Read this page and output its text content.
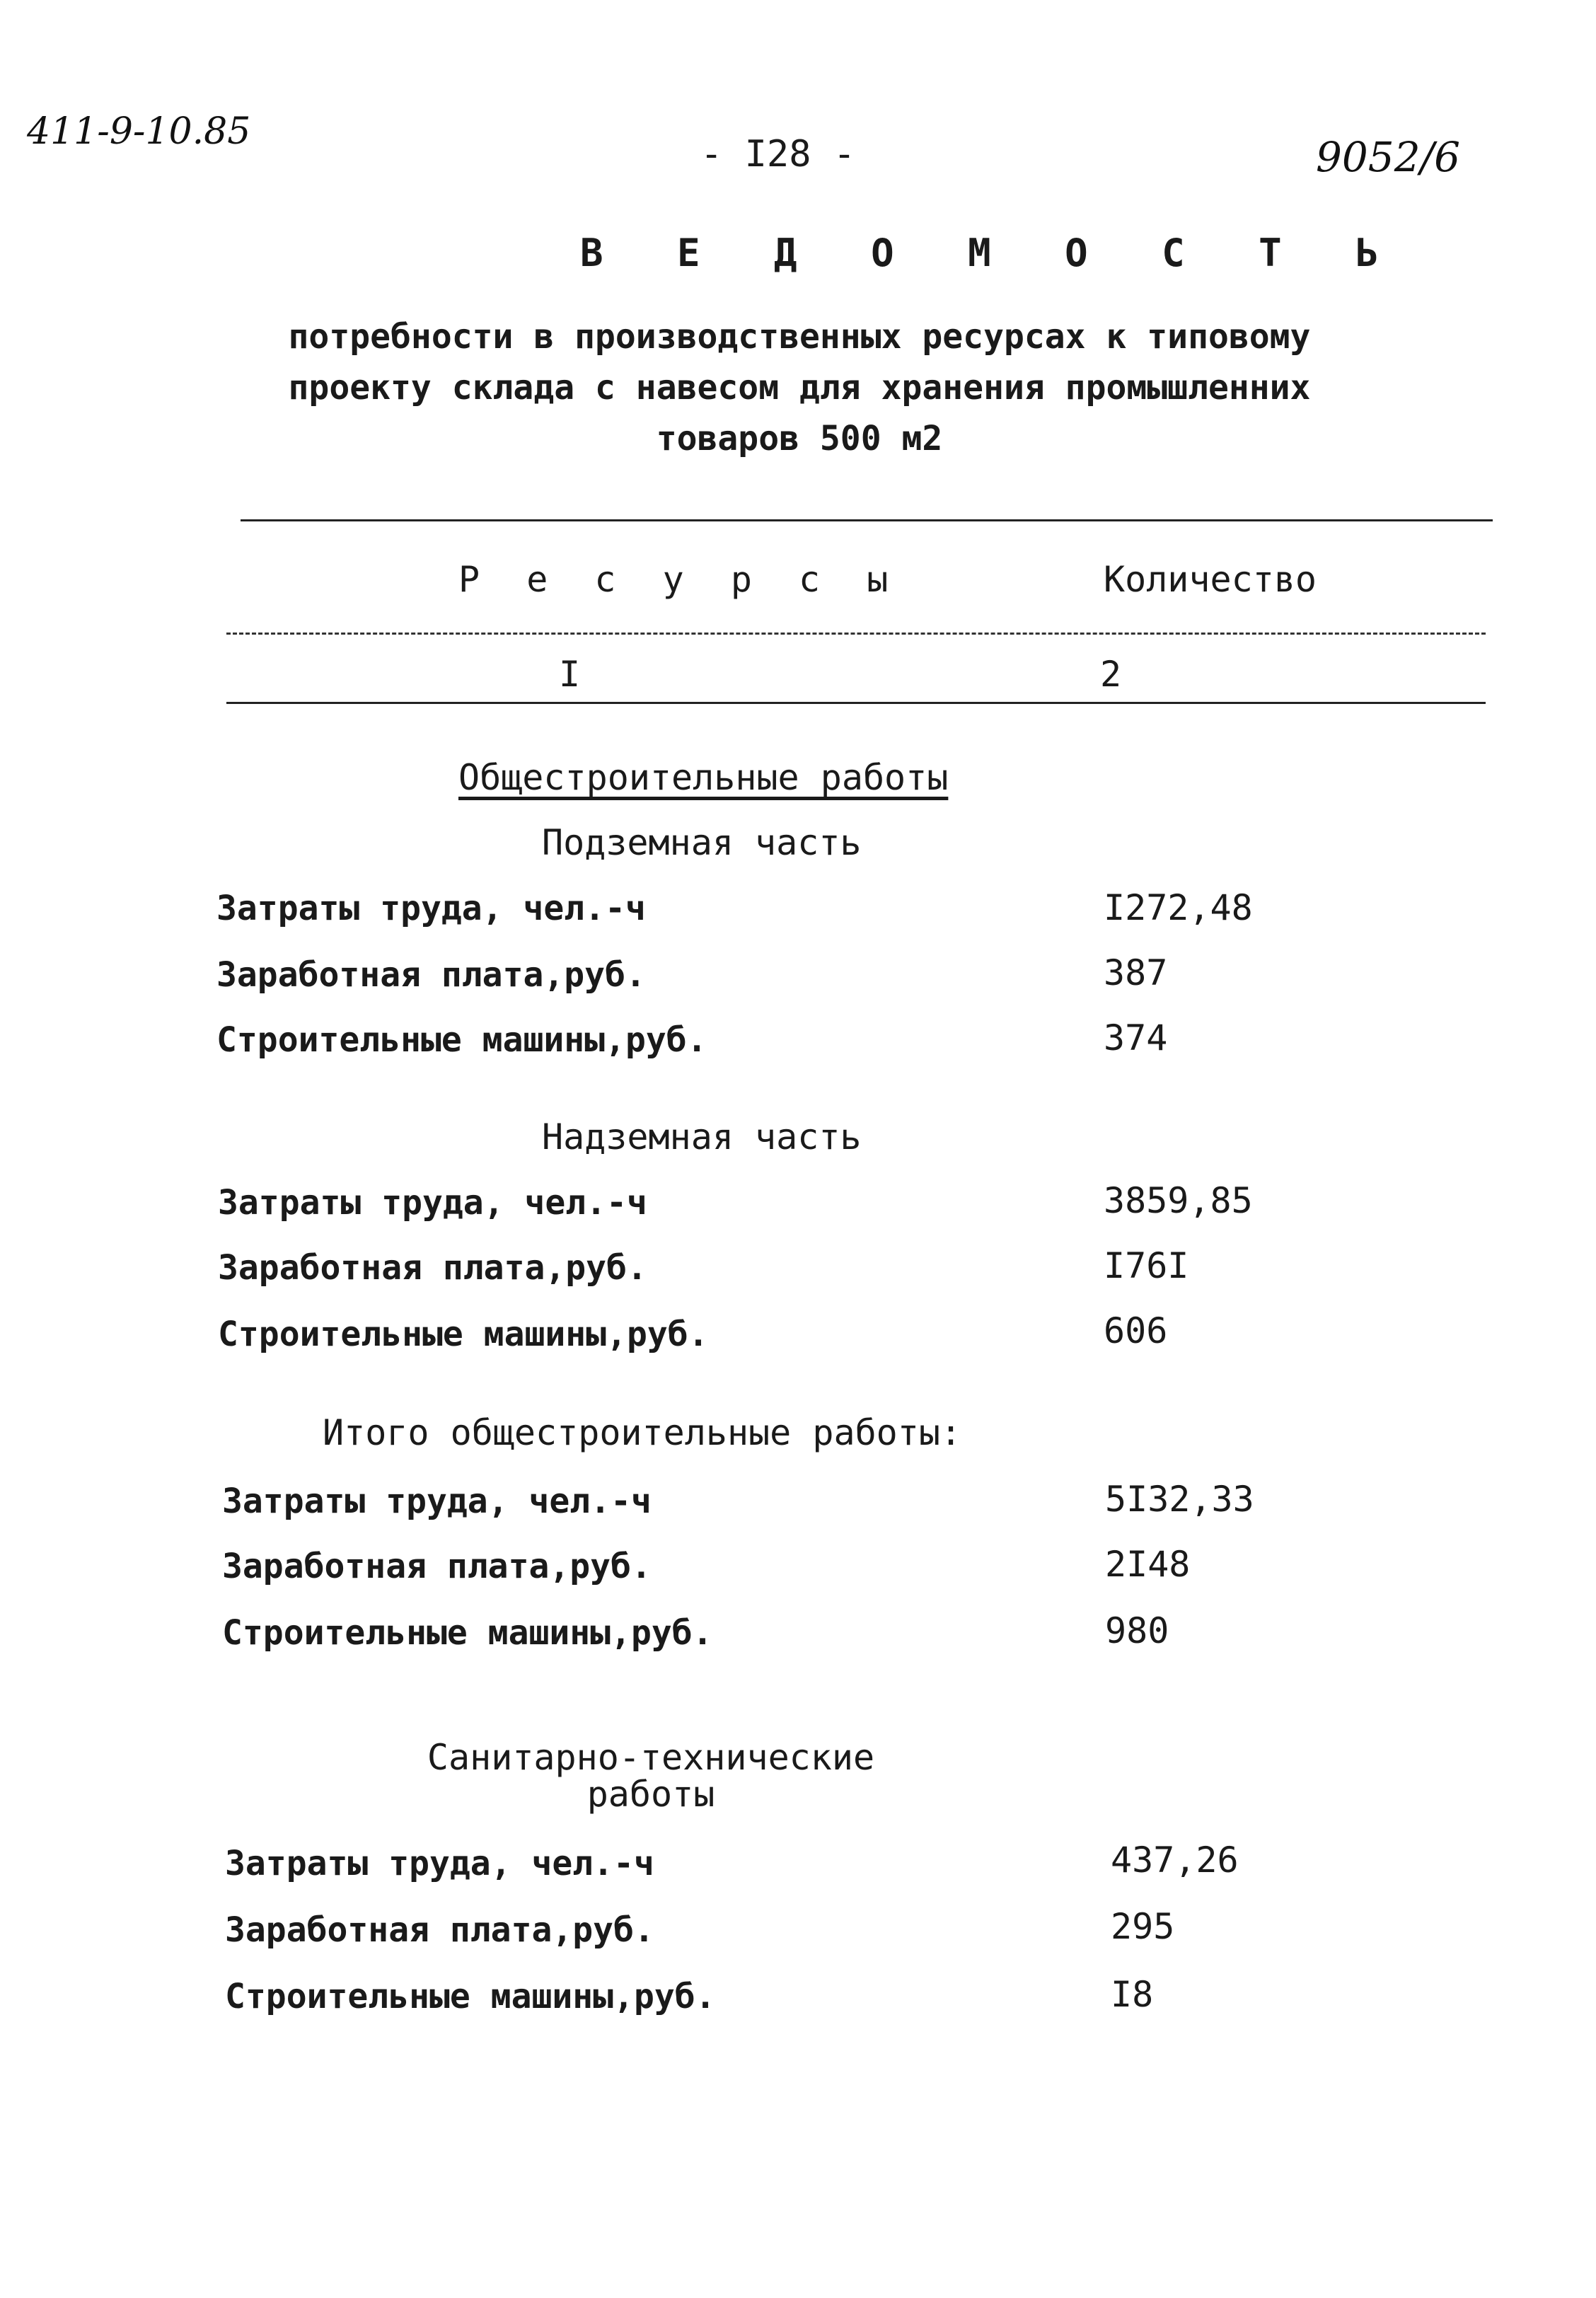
411-9-10.85
- I28 -	9052/6
В Е Д О М О С Т Ь
потребности в производственных ресурсах к типовому
проекту склада с навесом для хранения промышленних
товаров 500 м2
Р е с у р с ы	Количество
I	2
Общестроительные работы
Подземная часть
Затраты труда, чел.-ч	I272,48
Заработная плата,руб.	387
Строительные машины,руб.	374
Надземная часть
Затраты труда, чел.-ч	3859,85
Заработная плата,руб.	I76I
Строительные машины,руб.	606
Итого общестроительные работы:
Затраты труда, чел.-ч	5I32,33
Заработная плата,руб.	2I48
Строительные машины,руб.	980
Санитарно-технические
работы
Затраты труда, чел.-ч	437,26
Заработная плата,руб.	295
Строительные машины,руб.	I8
